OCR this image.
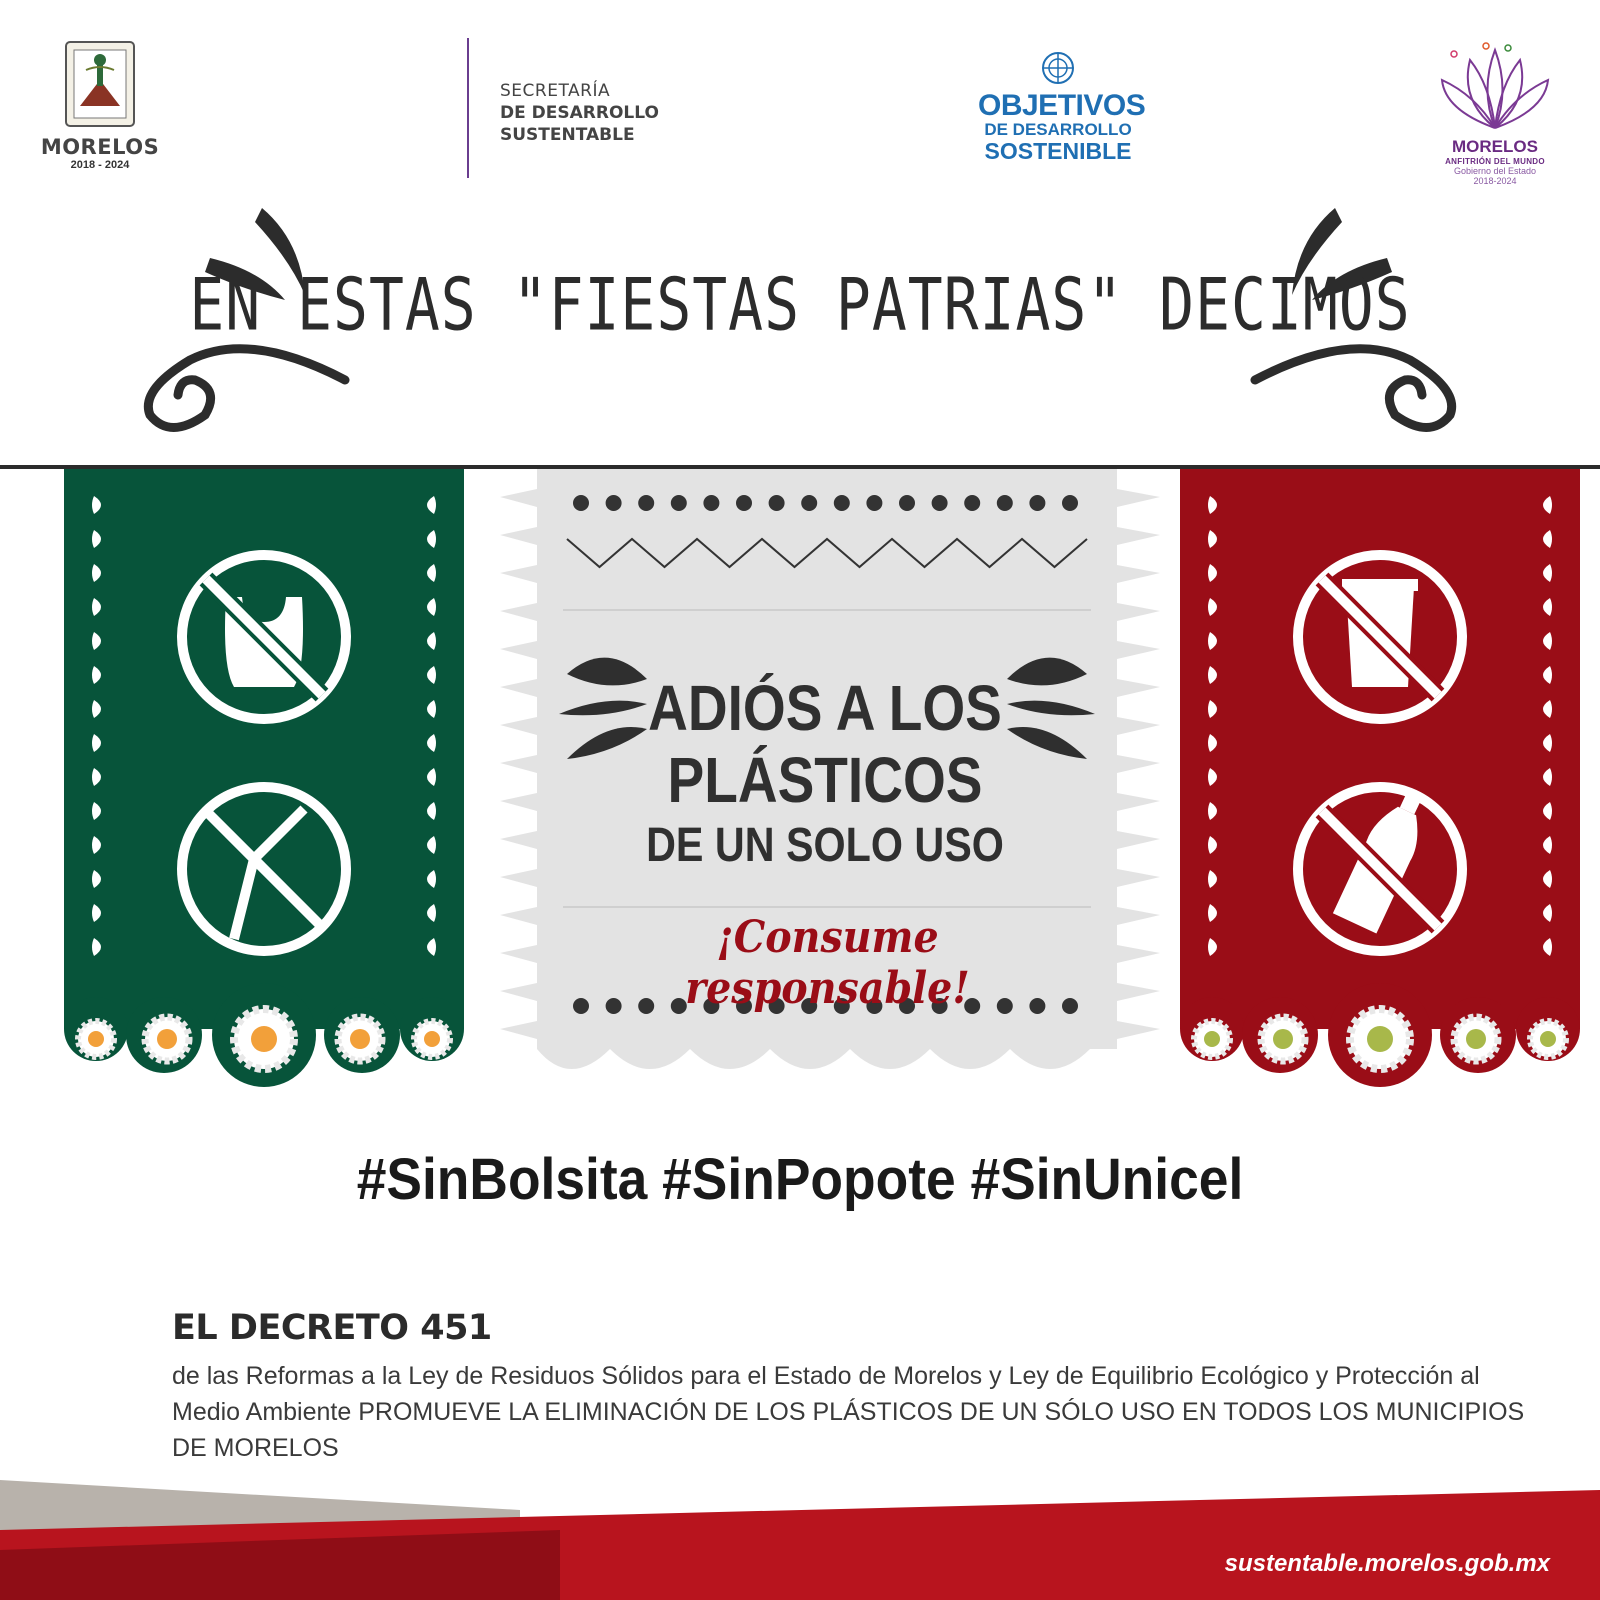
MORELOS
2018 - 2024
SECRETARÍA
DE DESARROLLO
SUSTENTABLE
OBJETIVOS
DE DESARROLLO
SOSTENIBLE	MORELOS
ANFITRIÓN DEL MUNDO
Gobierno del Estado
2018-2024
EN ESTAS "FIESTAS PATRIAS" DECIMOS
ADIÓS A LOS
PLÁSTICOS
DE UN SOLO USO
¡Consume responsable!
#SinBolsita #SinPopote #SinUnicel
EL DECRETO 451
de las Reformas a la Ley de Residuos Sólidos para el Estado de Morelos y Ley de Equilibrio Ecológico y Protección al Medio Ambiente PROMUEVE LA ELIMINACIÓN DE LOS PLÁSTICOS DE UN SÓLO USO EN TODOS LOS MUNICIPIOS DE MORELOS
sustentable.morelos.gob.mx
